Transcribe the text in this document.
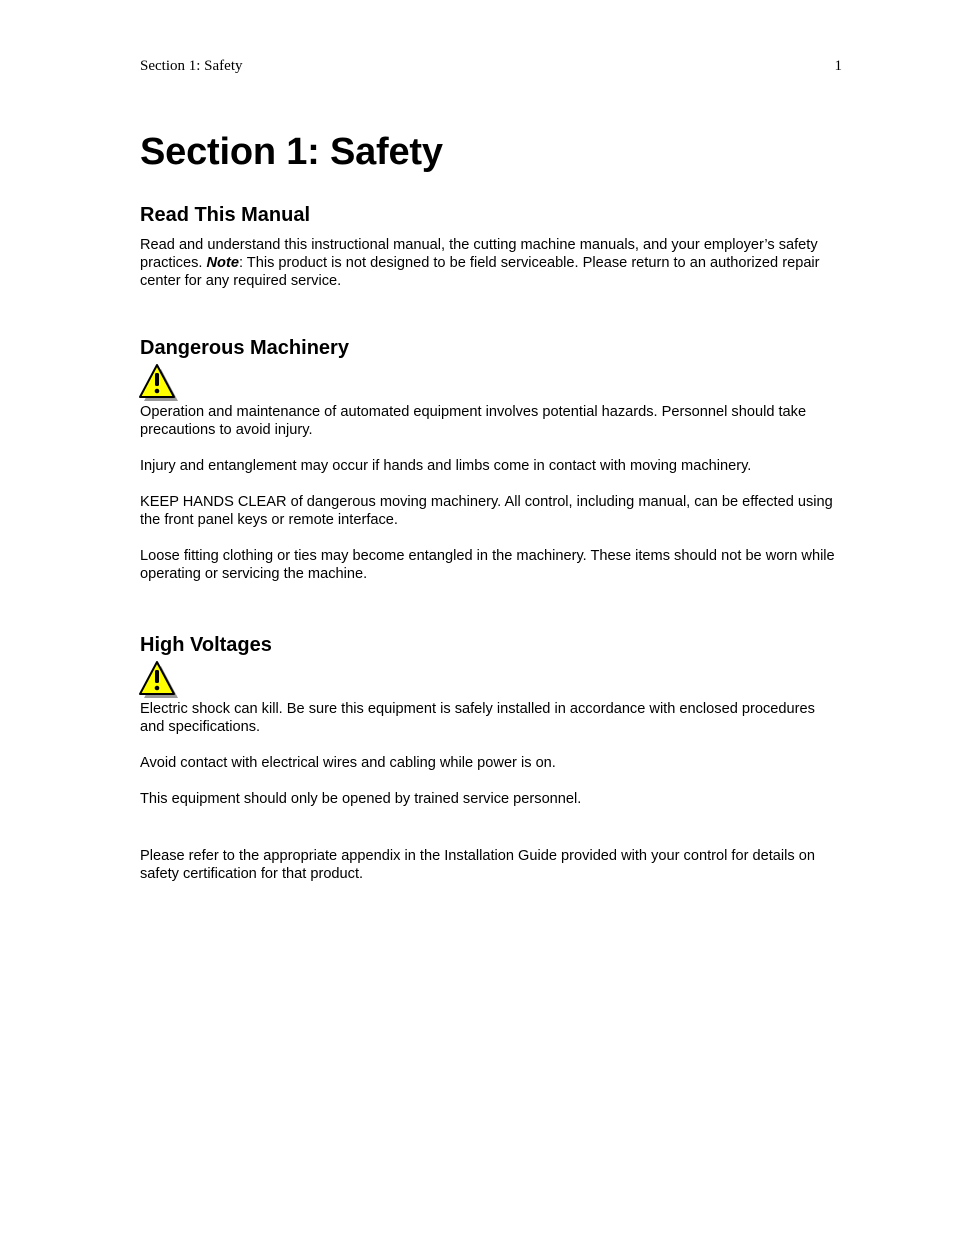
Section 1: Safety	1
Section 1: Safety
Read This Manual

Read and understand this instructional manual, the cutting machine manuals, and your employer’s safety practices. Note: This product is not designed to be field serviceable. Please return to an authorized repair center for any required service.

Dangerous Machinery

Operation and maintenance of automated equipment involves potential hazards. Personnel should take precautions to avoid injury.

Injury and entanglement may occur if hands and limbs come in contact with moving machinery.

KEEP HANDS CLEAR of dangerous moving machinery. All control, including manual, can be effected using the front panel keys or remote interface.

Loose fitting clothing or ties may become entangled in the machinery. These items should not be worn while operating or servicing the machine.

High Voltages

Electric shock can kill. Be sure this equipment is safely installed in accordance with enclosed procedures and specifications.

Avoid contact with electrical wires and cabling while power is on.

This equipment should only be opened by trained service personnel.

Please refer to the appropriate appendix in the Installation Guide provided with your control for details on safety certification for that product.
